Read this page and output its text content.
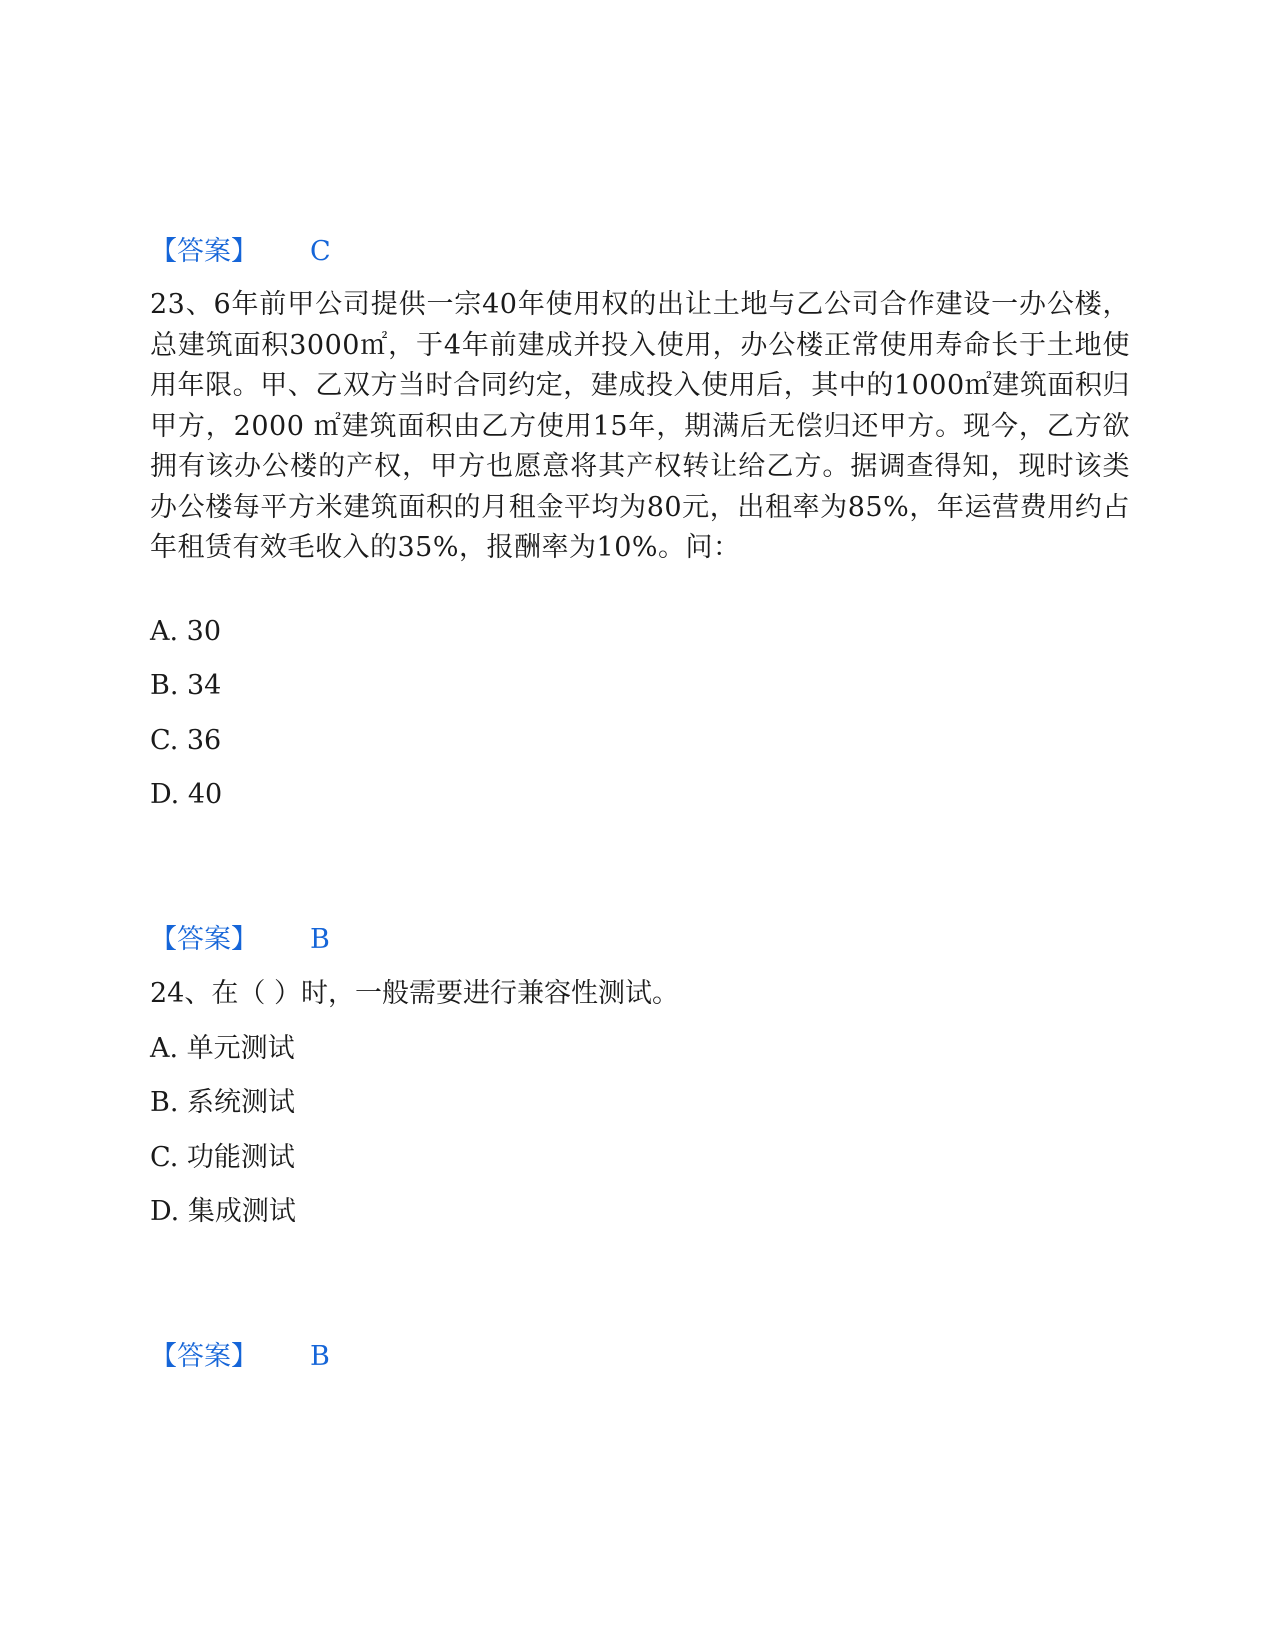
【答案】 C
23、6年前甲公司提供一宗40年使用权的出让土地与乙公司合作建设一办公楼，总建筑面积3000㎡，于4年前建成并投入使用，办公楼正常使用寿命长于土地使用年限。甲、乙双方当时合同约定，建成投入使用后，其中的1000㎡建筑面积归甲方，2000 ㎡建筑面积由乙方使用15年，期满后无偿归还甲方。现今，乙方欲拥有该办公楼的产权，甲方也愿意将其产权转让给乙方。据调查得知，现时该类办公楼每平方米建筑面积的月租金平均为80元，出租率为85%，年运营费用约占年租赁有效毛收入的35%，报酬率为10%。问：
A. 30
B. 34
C. 36
D. 40
【答案】 B
24、在（ ）时，一般需要进行兼容性测试。
A. 单元测试
B. 系统测试
C. 功能测试
D. 集成测试
【答案】 B
